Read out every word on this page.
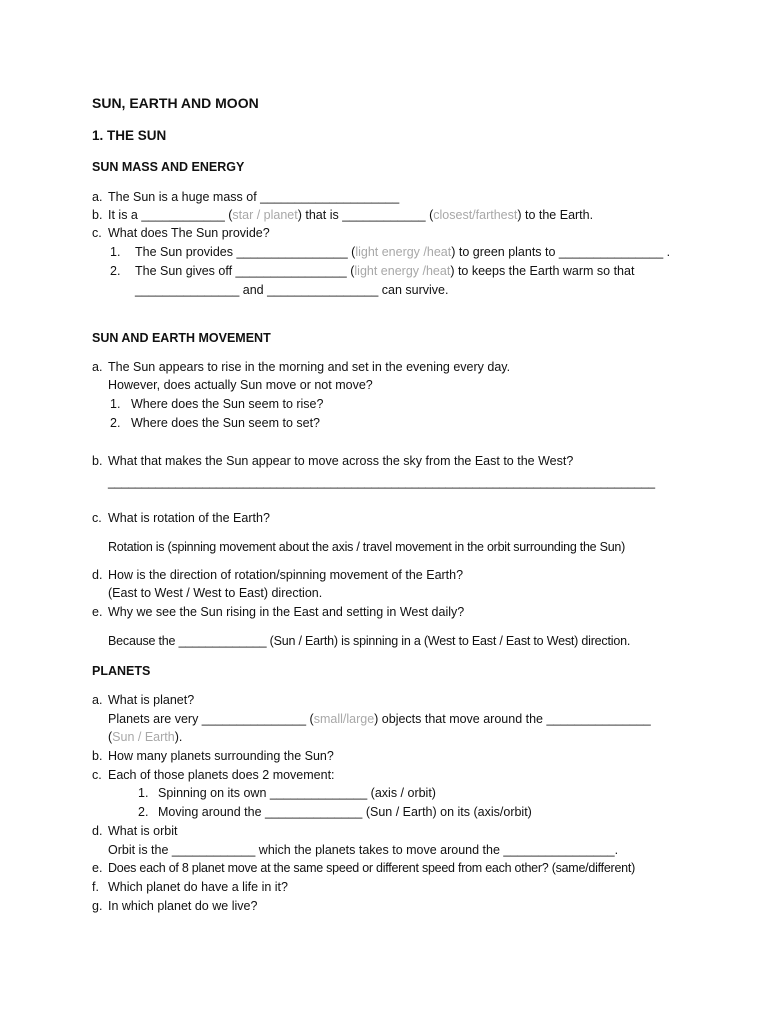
SUN, EARTH AND MOON
1. THE SUN
SUN MASS AND ENERGY
a. The Sun is a huge mass of ____________________
b. It is a ____________ (star / planet) that is ____________ (closest/farthest) to the Earth.
c. What does The Sun provide?
1. The Sun provides ________________ (light energy /heat) to green plants to _______________ .
2. The Sun gives off ________________ (light energy /heat) to keeps the Earth warm so that
_______________ and ________________ can survive.
SUN AND EARTH MOVEMENT
a. The Sun appears to rise in the morning and set in the evening every day.
However, does actually Sun move or not move?
1. Where does the Sun seem to rise?
2. Where does the Sun seem to set?
b. What that makes the Sun appear to move across the sky from the East to the West?
_________________________________________________________________________________
c. What is rotation of the Earth?
Rotation is (spinning movement about the axis / travel movement in the orbit surrounding the Sun)
d. How is the direction of rotation/spinning movement of the Earth?
(East to West / West to East) direction.
e. Why we see the Sun rising in the East and setting in West daily?
Because the _____________ (Sun / Earth) is spinning in a (West to East / East to West) direction.
PLANETS
a. What is planet?
Planets are very _______________ (small/large) objects that move around the _______________
(Sun / Earth).
b. How many planets surrounding the Sun?
c. Each of those planets does 2 movement:
1. Spinning on its own ______________ (axis / orbit)
2. Moving around the ______________ (Sun / Earth) on its (axis/orbit)
d. What is orbit
Orbit is the ____________ which the planets takes to move around the ________________.
e. Does each of 8 planet move at the same speed or different speed from each other? (same/different)
f. Which planet do have a life in it?
g. In which planet do we live?
